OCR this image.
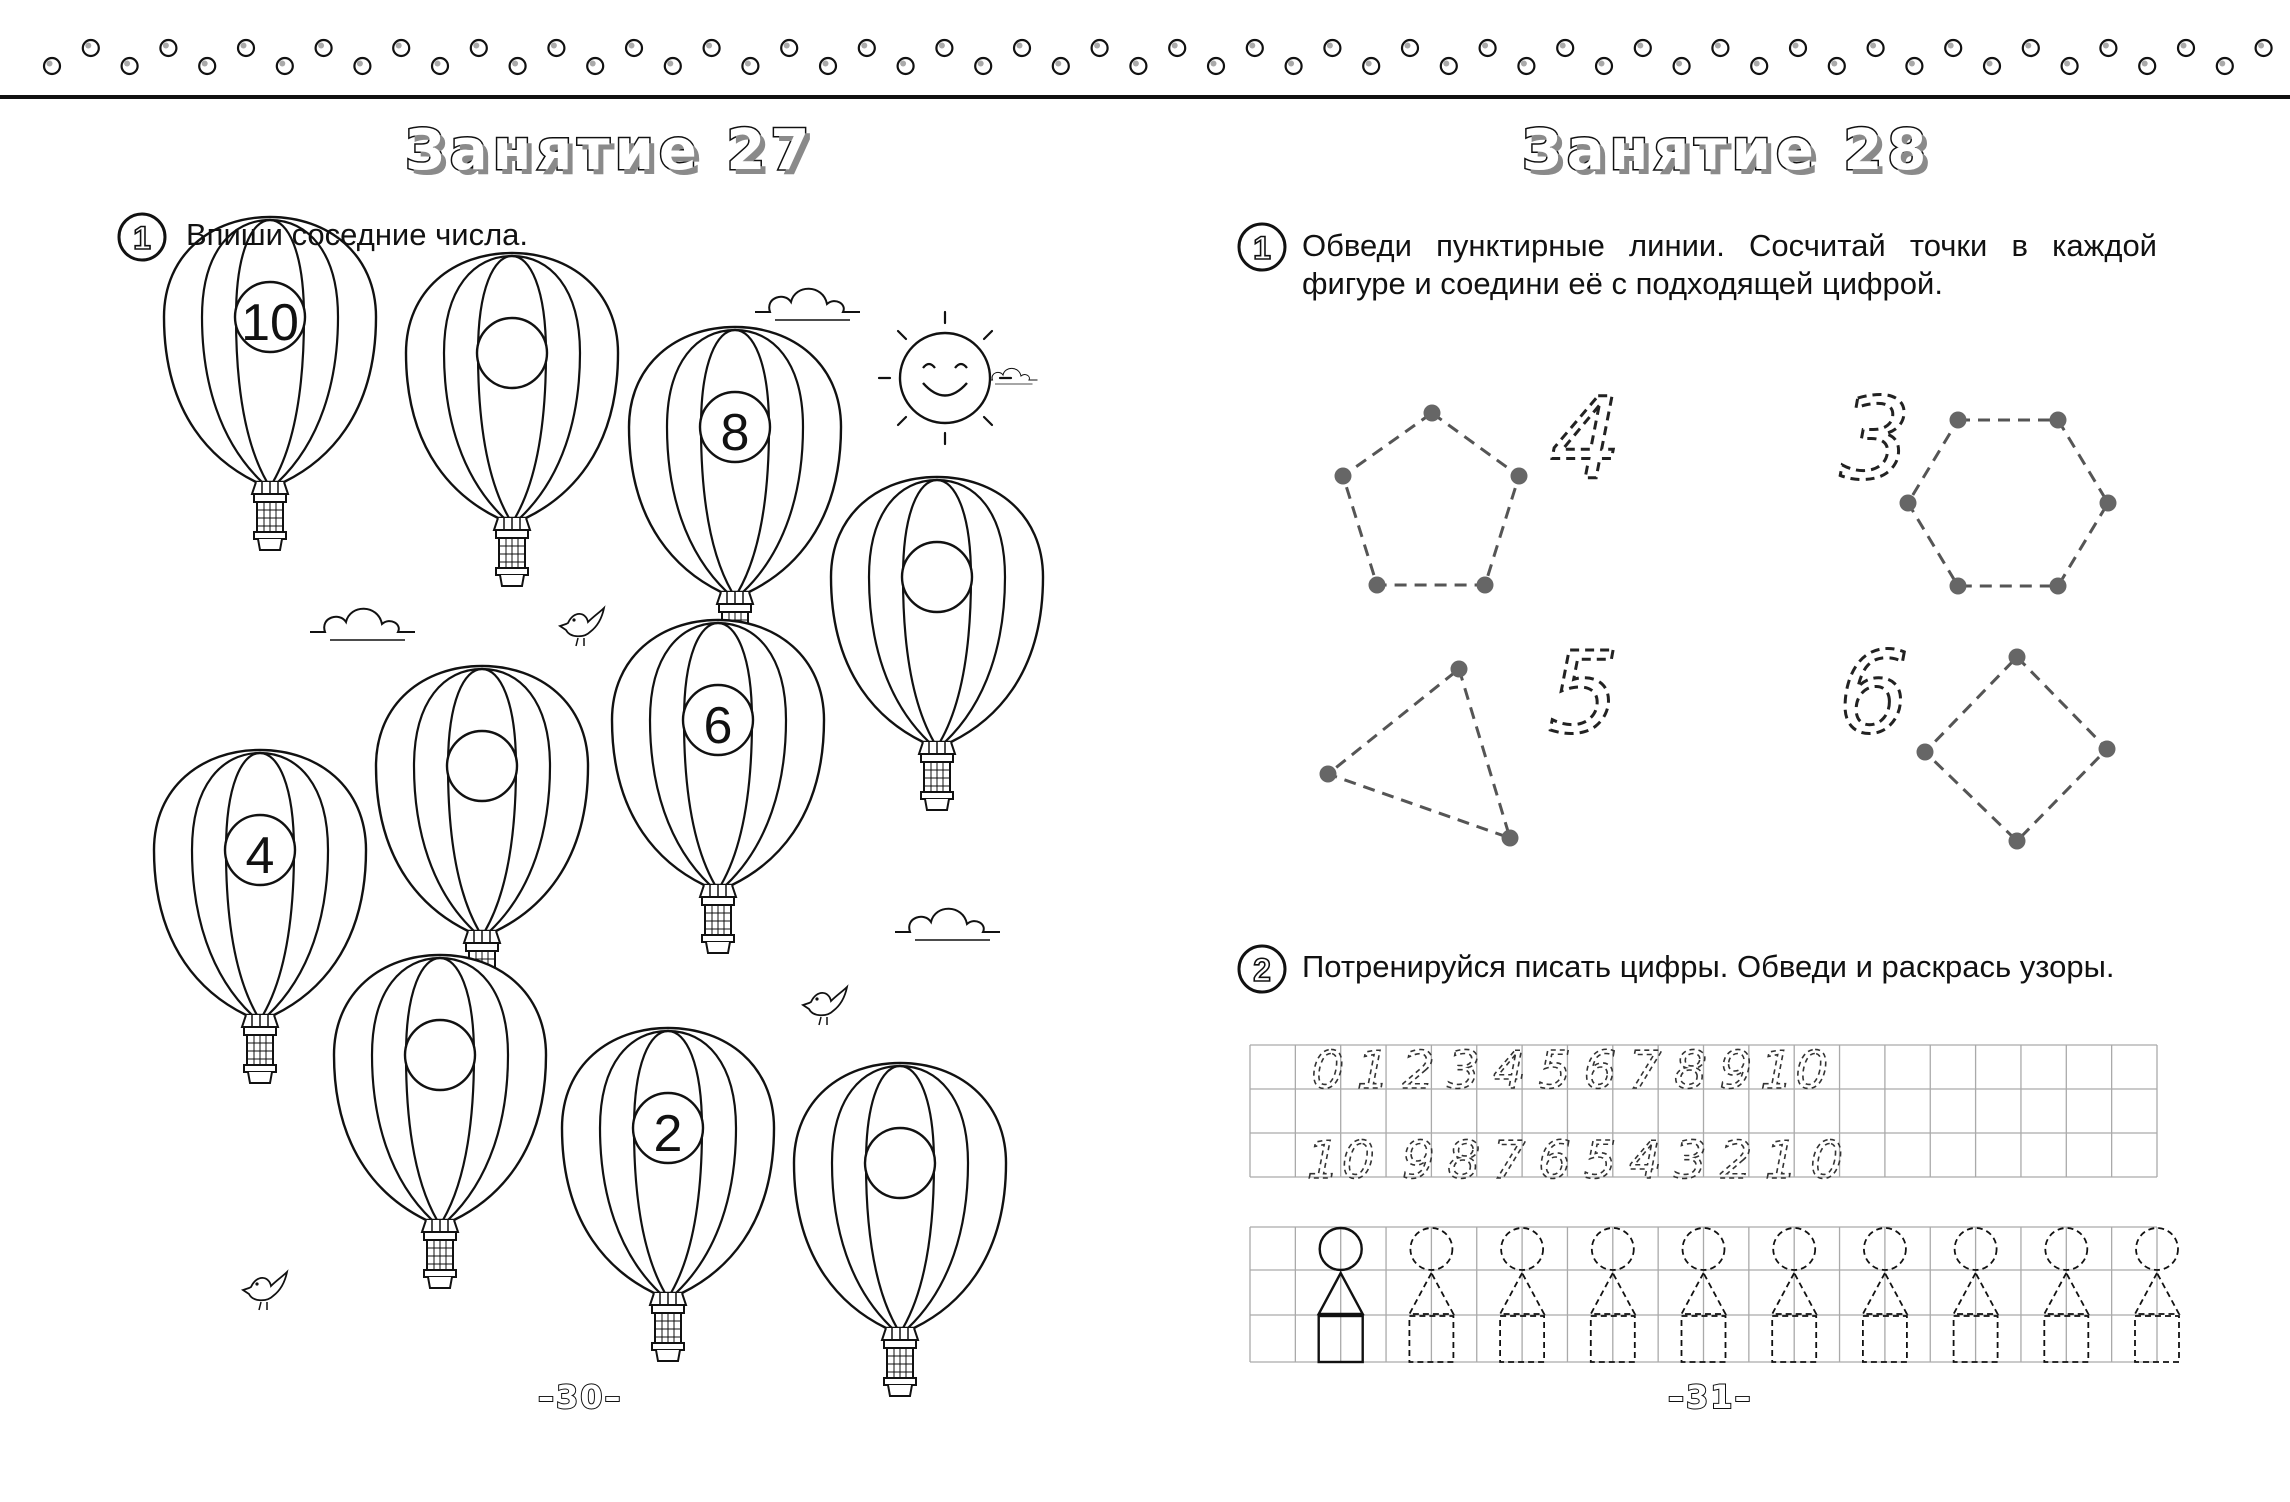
10
8
6
4
2
1	1
2
4 3
5 6
0 1 2 3 4 5 6 7 8 9 10
10 9 8 7 6 5 4 3 2 1 0
Занятие 27	Занятие 28
Впиши соседние числа.	Обведи пунктирные линии. Сосчитай точки в каждой фигуре и соедини её с подходящей цифрой.
Потренируйся писать цифры. Обведи и раскрась узоры.
–30–	–31–
